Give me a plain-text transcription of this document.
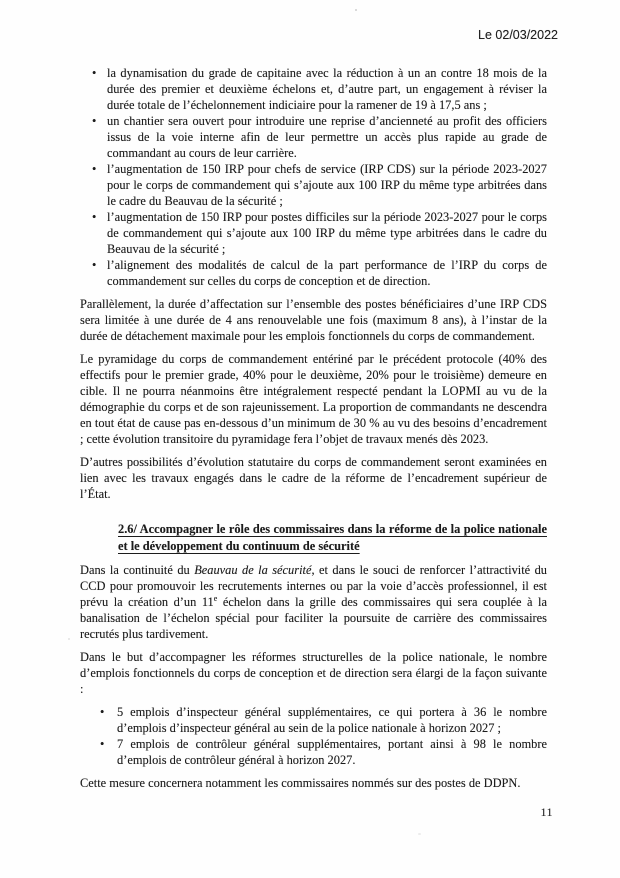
Le 02/03/2022
• la dynamisation du grade de capitaine avec la réduction à un an contre 18 mois de la durée des premier et deuxième échelons et, d’autre part, un engagement à réviser la durée totale de l’échelonnement indiciaire pour la ramener de 19 à 17,5 ans ;
• un chantier sera ouvert pour introduire une reprise d’ancienneté au profit des officiers issus de la voie interne afin de leur permettre un accès plus rapide au grade de commandant au cours de leur carrière.
• l’augmentation de 150 IRP pour chefs de service (IRP CDS) sur la période 2023-2027 pour le corps de commandement qui s’ajoute aux 100 IRP du même type arbitrées dans le cadre du Beauvau de la sécurité ;
• l’augmentation de 150 IRP pour postes difficiles sur la période 2023-2027 pour le corps de commandement qui s’ajoute aux 100 IRP du même type arbitrées dans le cadre du Beauvau de la sécurité ;
• l’alignement des modalités de calcul de la part performance de l’IRP du corps de commandement sur celles du corps de conception et de direction.

Parallèlement, la durée d’affectation sur l’ensemble des postes bénéficiaires d’une IRP CDS sera limitée à une durée de 4 ans renouvelable une fois (maximum 8 ans), à l’instar de la durée de détachement maximale pour les emplois fonctionnels du corps de commandement.

Le pyramidage du corps de commandement entériné par le précédent protocole (40% des effectifs pour le premier grade, 40% pour le deuxième, 20% pour le troisième) demeure en cible. Il ne pourra néanmoins être intégralement respecté pendant la LOPMI au vu de la démographie du corps et de son rajeunissement. La proportion de commandants ne descendra en tout état de cause pas en-dessous d’un minimum de 30 % au vu des besoins d’encadrement ; cette évolution transitoire du pyramidage fera l’objet de travaux menés dès 2023.

D’autres possibilités d’évolution statutaire du corps de commandement seront examinées en lien avec les travaux engagés dans le cadre de la réforme de l’encadrement supérieur de l’État.

2.6/ Accompagner le rôle des commissaires dans la réforme de la police nationale et le développement du continuum de sécurité

Dans la continuité du Beauvau de la sécurité, et dans le souci de renforcer l’attractivité du CCD pour promouvoir les recrutements internes ou par la voie d’accès professionnel, il est prévu la création d’un 11e échelon dans la grille des commissaires qui sera couplée à la banalisation de l’échelon spécial pour faciliter la poursuite de carrière des commissaires recrutés plus tardivement.

Dans le but d’accompagner les réformes structurelles de la police nationale, le nombre d’emplois fonctionnels du corps de conception et de direction sera élargi de la façon suivante :

• 5 emplois d’inspecteur général supplémentaires, ce qui portera à 36 le nombre d’emplois d’inspecteur général au sein de la police nationale à horizon 2027 ;
• 7 emplois de contrôleur général supplémentaires, portant ainsi à 98 le nombre d’emplois de contrôleur général à horizon 2027.

Cette mesure concernera notamment les commissaires nommés sur des postes de DDPN.

11
